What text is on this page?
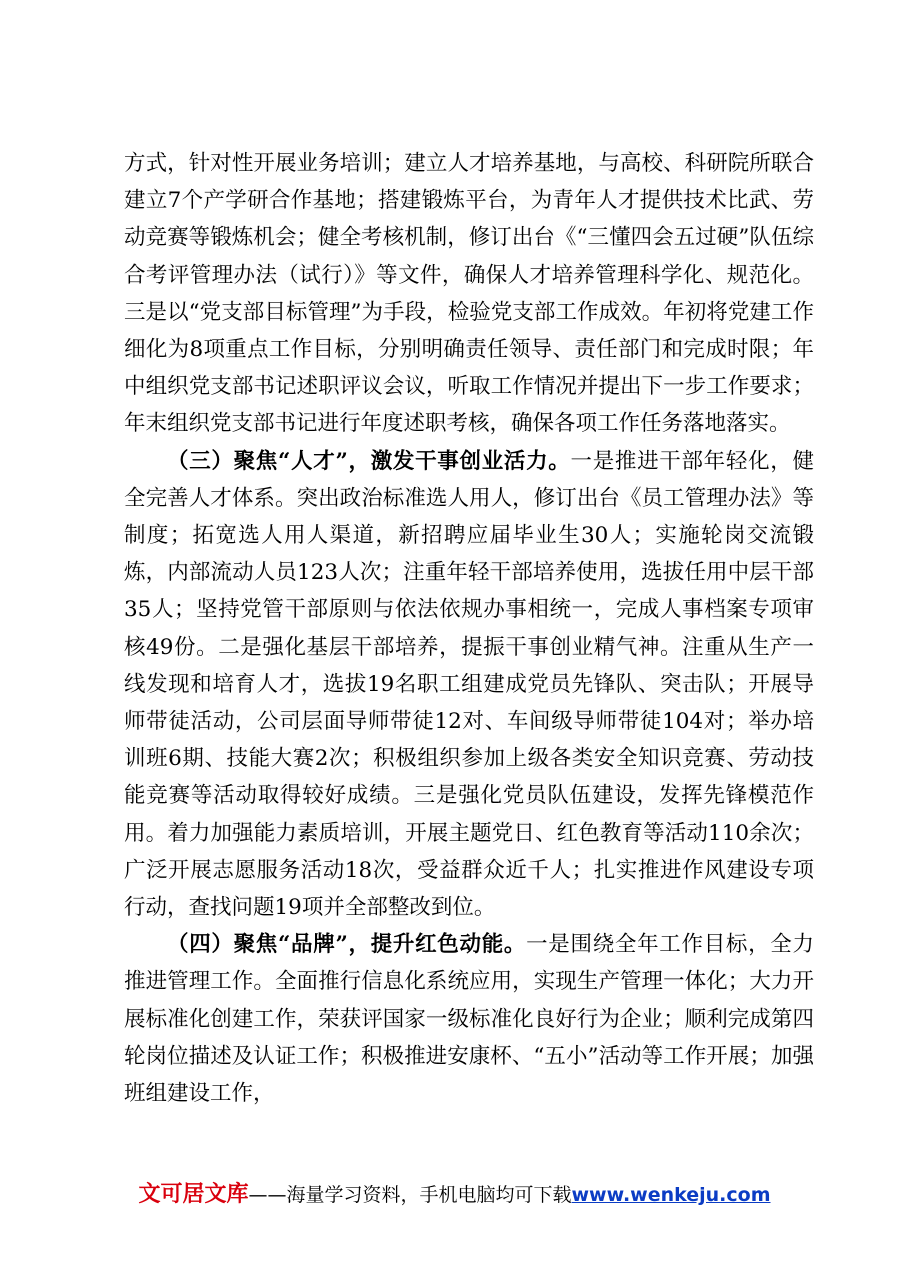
方式，针对性开展业务培训；建立人才培养基地，与高校、科研院所联合建立7个产学研合作基地；搭建锻炼平台，为青年人才提供技术比武、劳动竞赛等锻炼机会；健全考核机制，修订出台《“三懂四会五过硬”队伍综合考评管理办法（试行）》等文件，确保人才培养管理科学化、规范化。三是以“党支部目标管理”为手段，检验党支部工作成效。年初将党建工作细化为8项重点工作目标，分别明确责任领导、责任部门和完成时限；年中组织党支部书记述职评议会议，听取工作情况并提出下一步工作要求；年末组织党支部书记进行年度述职考核，确保各项工作任务落地落实。

（三）聚焦“人才”，激发干事创业活力。一是推进干部年轻化，健全完善人才体系。突出政治标准选人用人，修订出台《员工管理办法》等制度；拓宽选人用人渠道，新招聘应届毕业生30人；实施轮岗交流锻炼，内部流动人员123人次；注重年轻干部培养使用，选拔任用中层干部35人；坚持党管干部原则与依法依规办事相统一，完成人事档案专项审核49份。二是强化基层干部培养，提振干事创业精气神。注重从生产一线发现和培育人才，选拔19名职工组建成党员先锋队、突击队；开展导师带徒活动，公司层面导师带徒12对、车间级导师带徒104对；举办培训班6期、技能大赛2次；积极组织参加上级各类安全知识竞赛、劳动技能竞赛等活动取得较好成绩。三是强化党员队伍建设，发挥先锋模范作用。着力加强能力素质培训，开展主题党日、红色教育等活动110余次；广泛开展志愿服务活动18次，受益群众近千人；扎实推进作风建设专项行动，查找问题19项并全部整改到位。

（四）聚焦“品牌”，提升红色动能。一是围绕全年工作目标，全力推进管理工作。全面推行信息化系统应用，实现生产管理一体化；大力开展标准化创建工作，荣获评国家一级标准化良好行为企业；顺利完成第四轮岗位描述及认证工作；积极推进安康杯、“五小”活动等工作开展；加强班组建设工作，

文可居文库——海量学习资料，手机电脑均可下载www.wenkeju.com
